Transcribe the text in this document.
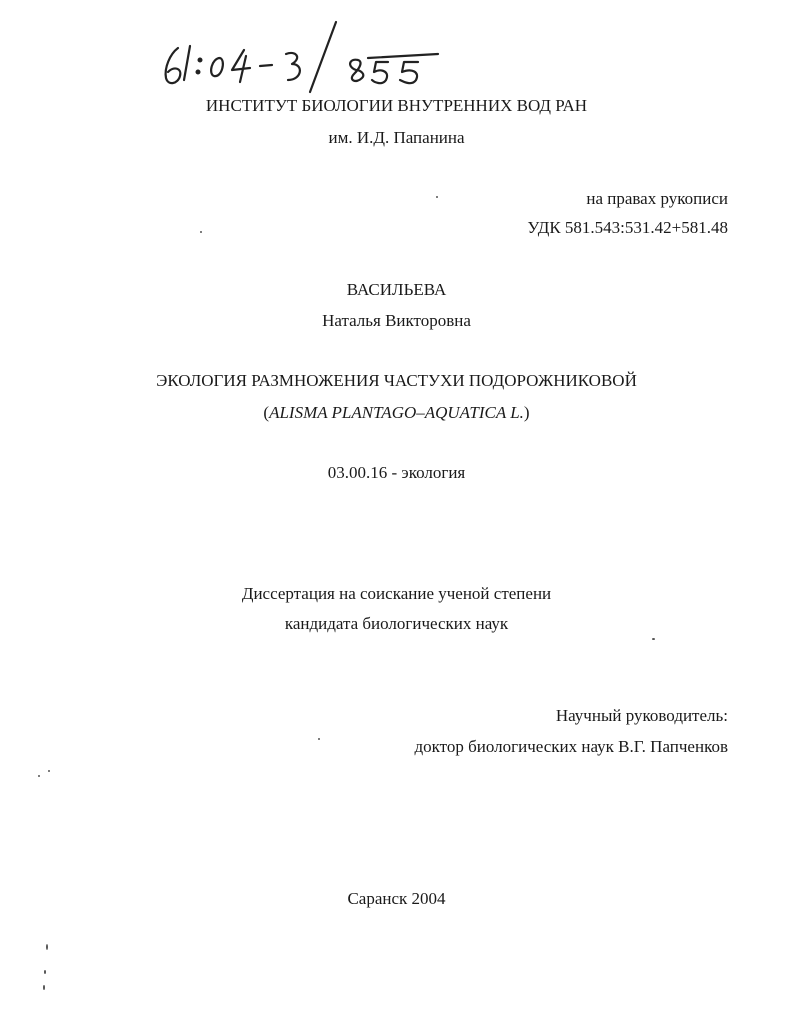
ИНСТИТУТ БИОЛОГИИ ВНУТРЕННИХ ВОД РАН
им. И.Д. Папанина
на правах рукописи
УДК 581.543:531.42+581.48
ВАСИЛЬЕВА
Наталья Викторовна
ЭКОЛОГИЯ РАЗМНОЖЕНИЯ ЧАСТУХИ ПОДОРОЖНИКОВОЙ
(ALISMA PLANTAGO–AQUATICA L.)
03.00.16 - экология
Диссертация на соискание ученой степени
кандидата биологических наук
Научный руководитель:
доктор биологических наук В.Г. Папченков
Саранск 2004
